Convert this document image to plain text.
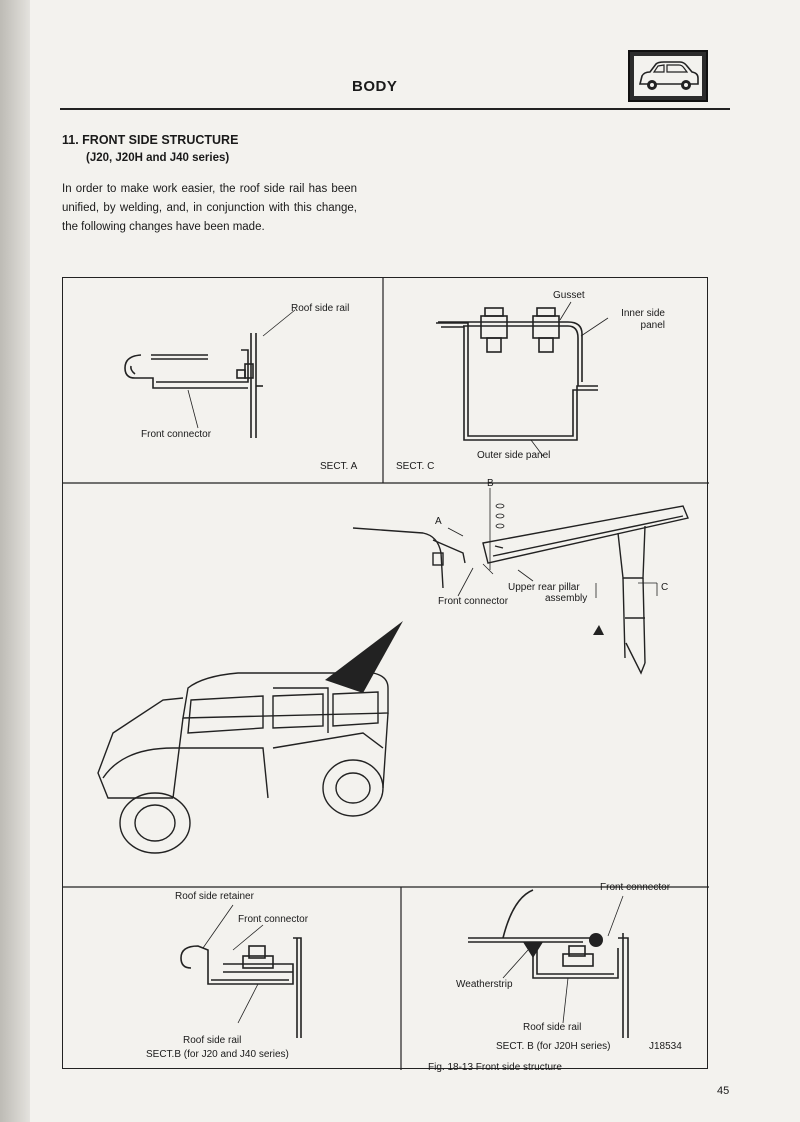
BODY
11. FRONT SIDE STRUCTURE
(J20, J20H and J40 series)
In order to make work easier, the roof side rail has been unified, by welding, and, in conjunction with this change, the following changes have been made.
Roof side rail
Front connector
SECT. A
Gusset
Inner side panel
Outer side panel
SECT. C
B
A
C
Upper rear pillar
assembly
Front connector
Roof side retainer
Front connector
Roof side rail
SECT.B (for J20 and J40 series)
Front connector
Weatherstrip
Roof side rail
SECT. B (for J20H series)	J18534
Fig. 18-13 Front side structure
45
